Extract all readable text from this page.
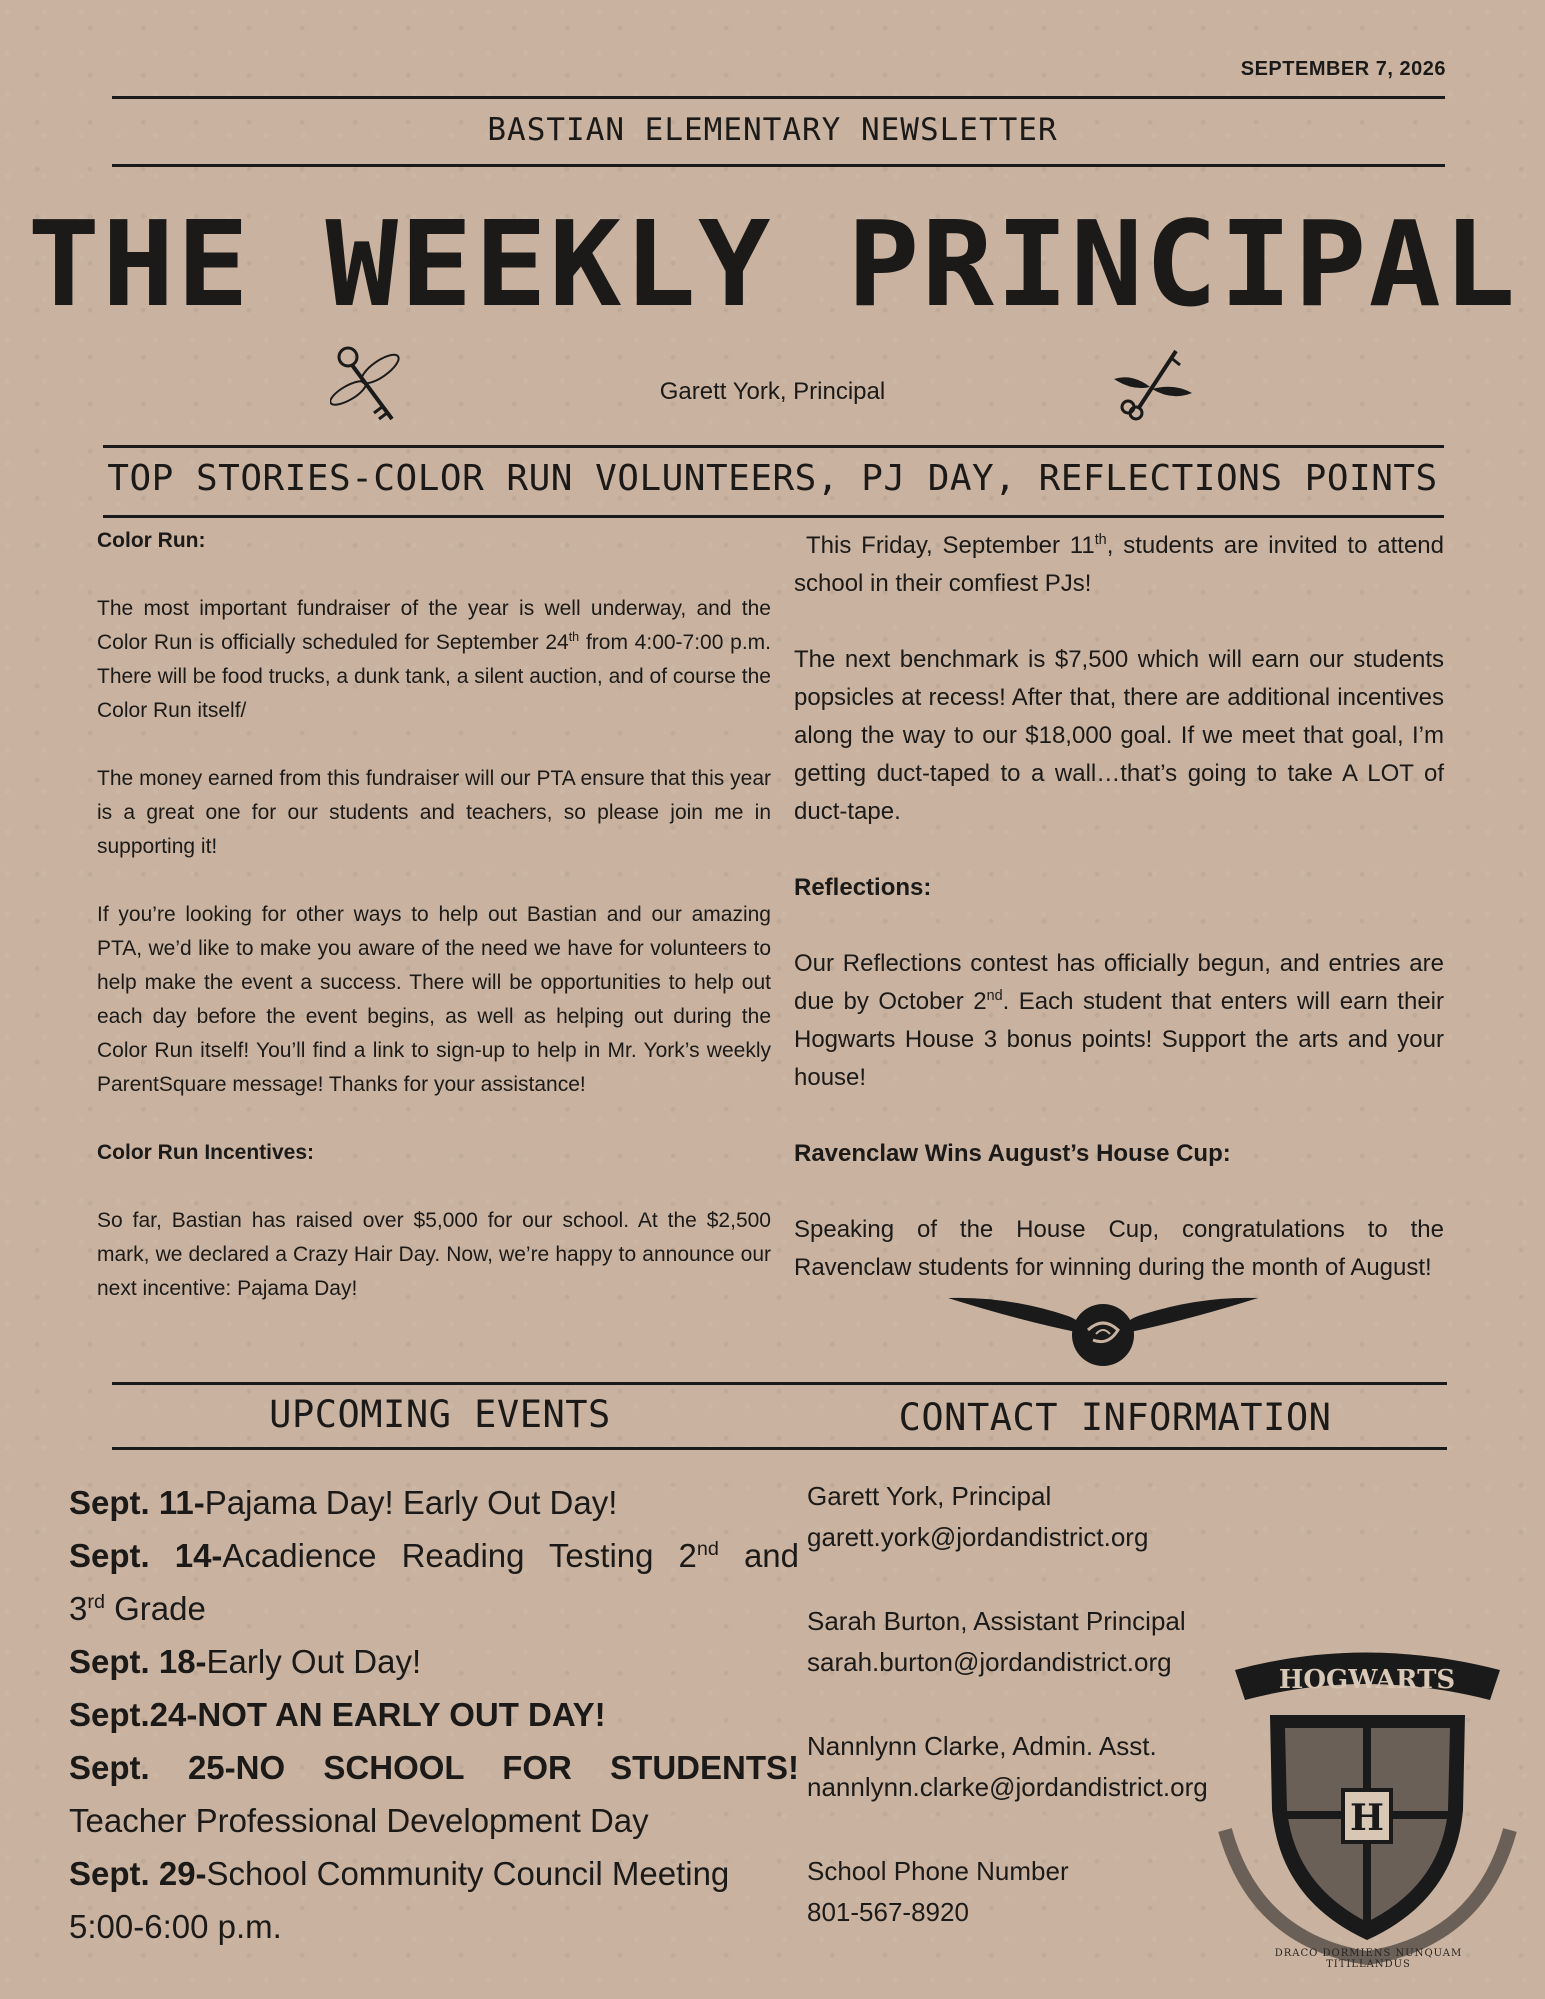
SEPTEMBER 7, 2026
BASTIAN ELEMENTARY NEWSLETTER
THE WEEKLY PRINCIPAL
Garett York, Principal
TOP STORIES-COLOR RUN VOLUNTEERS, PJ DAY, REFLECTIONS POINTS

Color Run:

The most important fundraiser of the year is well underway, and the Color Run is officially scheduled for September 24th from 4:00-7:00 p.m. There will be food trucks, a dunk tank, a silent auction, and of course the Color Run itself/

The money earned from this fundraiser will our PTA ensure that this year is a great one for our students and teachers, so please join me in supporting it!

If you’re looking for other ways to help out Bastian and our amazing PTA, we’d like to make you aware of the need we have for volunteers to help make the event a success. There will be opportunities to help out each day before the event begins, as well as helping out during the Color Run itself! You’ll find a link to sign-up to help in Mr. York’s weekly ParentSquare message! Thanks for your assistance!

Color Run Incentives:

So far, Bastian has raised over $5,000 for our school. At the $2,500 mark, we declared a Crazy Hair Day. Now, we’re happy to announce our next incentive: Pajama Day!

This Friday, September 11th, students are invited to attend school in their comfiest PJs!

The next benchmark is $7,500 which will earn our students popsicles at recess! After that, there are additional incentives along the way to our $18,000 goal. If we meet that goal, I’m getting duct-taped to a wall…that’s going to take A LOT of duct-tape.

Reflections:

Our Reflections contest has officially begun, and entries are due by October 2nd. Each student that enters will earn their Hogwarts House 3 bonus points! Support the arts and your house!

Ravenclaw Wins August’s House Cup:

Speaking of the House Cup, congratulations to the Ravenclaw students for winning during the month of August!

UPCOMING EVENTS	CONTACT INFORMATION

Sept. 11-Pajama Day! Early Out Day!

Sept. 14-Acadience Reading Testing 2nd and

3rd Grade

Sept. 18-Early Out Day!

Sept.24-NOT AN EARLY OUT DAY!

Sept. 25-NO SCHOOL FOR STUDENTS!

Teacher Professional Development Day

Sept. 29-School Community Council Meeting

5:00-6:00 p.m.

Garett York, Principal

garett.york@jordandistrict.org

Sarah Burton, Assistant Principal

sarah.burton@jordandistrict.org

Nannlynn Clarke, Admin. Asst.

nannlynn.clarke@jordandistrict.org

School Phone Number

801-567-8920

HOGWARTS
H
DRACO DORMIENS NUNQUAM TITILLANDUS
